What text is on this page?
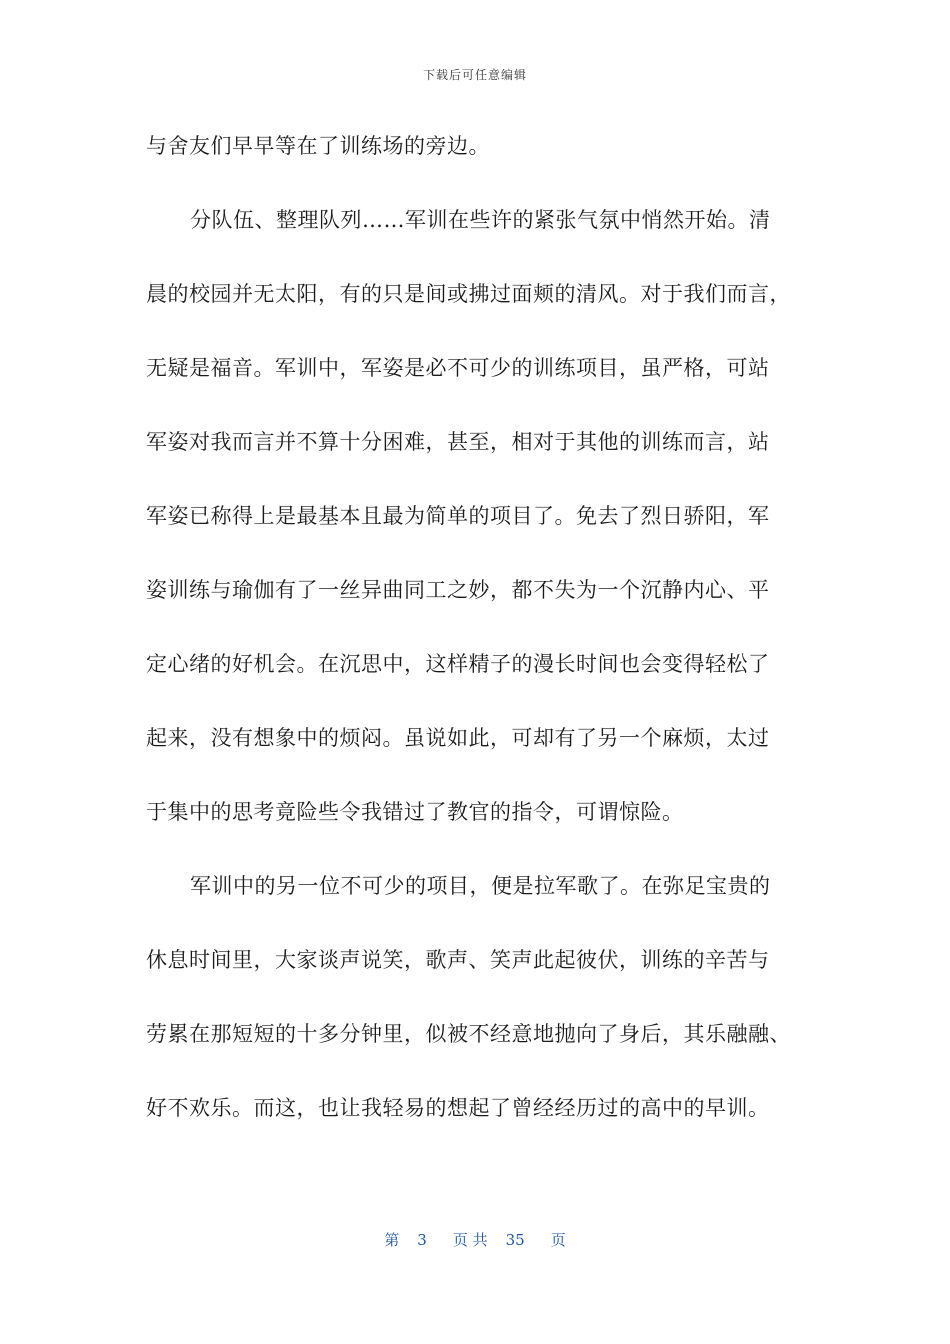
下载后可任意编辑
与舍友们早早等在了训练场的旁边。
分队伍、整理队列……军训在些许的紧张气氛中悄然开始。清
晨的校园并无太阳，有的只是间或拂过面颊的清风。对于我们而言，
无疑是福音。军训中，军姿是必不可少的训练项目，虽严格，可站
军姿对我而言并不算十分困难，甚至，相对于其他的训练而言，站
军姿已称得上是最基本且最为简单的项目了。免去了烈日骄阳，军
姿训练与瑜伽有了一丝异曲同工之妙，都不失为一个沉静内心、平
定心绪的好机会。在沉思中，这样精子的漫长时间也会变得轻松了
起来，没有想象中的烦闷。虽说如此，可却有了另一个麻烦，太过
于集中的思考竟险些令我错过了教官的指令，可谓惊险。
军训中的另一位不可少的项目，便是拉军歌了。在弥足宝贵的
休息时间里，大家谈声说笑，歌声、笑声此起彼伏，训练的辛苦与
劳累在那短短的十多分钟里，似被不经意地抛向了身后，其乐融融、
好不欢乐。而这，也让我轻易的想起了曾经经历过的高中的早训。
第 3 页 共 35 页
